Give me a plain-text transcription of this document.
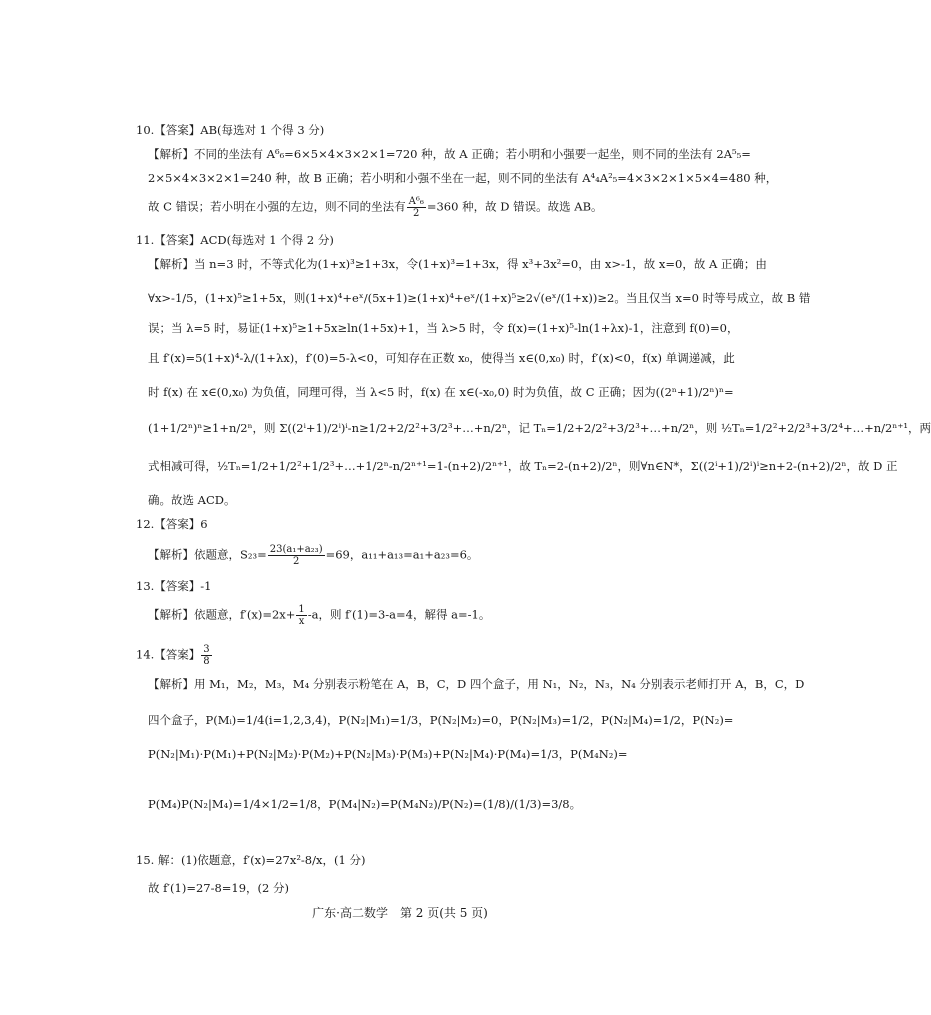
10.【答案】AB(每选对 1 个得 3 分)
【解析】不同的坐法有 A⁶₆=6×5×4×3×2×1=720 种，故 A 正确；若小明和小强要一起坐，则不同的坐法有 2A⁵₅=
2×5×4×3×2×1=240 种，故 B 正确；若小明和小强不坐在一起，则不同的坐法有 A⁴₄A²₅=4×3×2×1×5×4=480 种，
故 C 错误；若小明在小强的左边，则不同的坐法有 $\frac{\text{A⁶₆}}{2} =360$ 种，故 D 错误。故选 AB。
11.【答案】ACD(每选对 1 个得 2 分)
【解析】当 n=3 时，不等式化为(1+x)³≥1+3x，令(1+x)³=1+3x，得 x³+3x²=0，由 x>-1，故 x=0，故 A 正确；由
∀x>-1/5，(1+x)⁵≥1+5x，则(1+x)⁴+eˣ/(5x+1)≥(1+x)⁴+eˣ/(1+x)⁵≥2√(eˣ/(1+x))≥2。当且仅当 x=0 时等号成立，故 B 错
误；当 λ=5 时，易证(1+x)⁵≥1+5x≥ln(1+5x)+1，当 λ>5 时，令 f(x)=(1+x)⁵-ln(1+λx)-1，注意到 f(0)=0，
且 f′(x)=5(1+x)⁴-λ/(1+λx)，f′(0)=5-λ<0，可知存在正数 x₀，使得当 x∈(0,x₀) 时，f′(x)<0，f(x) 单调递减，此
时 f(x) 在 x∈(0,x₀) 为负值，同理可得，当 λ<5 时，f(x) 在 x∈(-x₀,0) 时为负值，故 C 正确；因为((2ⁿ+1)/2ⁿ)ⁿ=
(1+1/2ⁿ)ⁿ≥1+n/2ⁿ，则 Σ((2ⁱ+1)/2ⁱ)ⁱ-n≥1/2+2/2²+3/2³+…+n/2ⁿ，记 Tₙ=1/2+2/2²+3/2³+…+n/2ⁿ，则 ½Tₙ=1/2²+2/2³+3/2⁴+…+n/2ⁿ⁺¹，两
式相减可得，½Tₙ=1/2+1/2²+1/2³+…+1/2ⁿ-n/2ⁿ⁺¹=1-(n+2)/2ⁿ⁺¹，故 Tₙ=2-(n+2)/2ⁿ，则∀n∈N*，Σ((2ⁱ+1)/2ⁱ)ⁱ≥n+2-(n+2)/2ⁿ，故 D 正
确。故选 ACD。
12.【答案】6
【解析】依题意，$S_{23}= \frac{\text{23(a₁+a₂₃)}}{2} =69$，a₁₁+a₁₃=a₁+a₂₃=6。
13.【答案】-1
【解析】依题意，$f'(x)=2x+ \frac{1}{x} -a$，则 f′(1)=3-a=4，解得 a=-1。
14.【答案】 $\frac{3}{8}$
【解析】用 M₁，M₂，M₃，M₄ 分别表示粉笔在 A，B，C，D 四个盒子，用 N₁，N₂，N₃，N₄ 分别表示老师打开 A，B，C，D
四个盒子，P(Mᵢ)=1/4(i=1,2,3,4)，P(N₂|M₁)=1/3，P(N₂|M₂)=0，P(N₂|M₃)=1/2，P(N₂|M₄)=1/2，P(N₂)=
P(N₂|M₁)·P(M₁)+P(N₂|M₂)·P(M₂)+P(N₂|M₃)·P(M₃)+P(N₂|M₄)·P(M₄)=1/3，P(M₄N₂)=
P(M₄)P(N₂|M₄)=1/4×1/2=1/8，P(M₄|N₂)=P(M₄N₂)/P(N₂)=(1/8)/(1/3)=3/8。
15. 解：(1)依题意，f′(x)=27x²-8/x，(1 分)
故 f′(1)=27-8=19，(2 分)
广东·高二数学　第 2 页(共 5 页)
